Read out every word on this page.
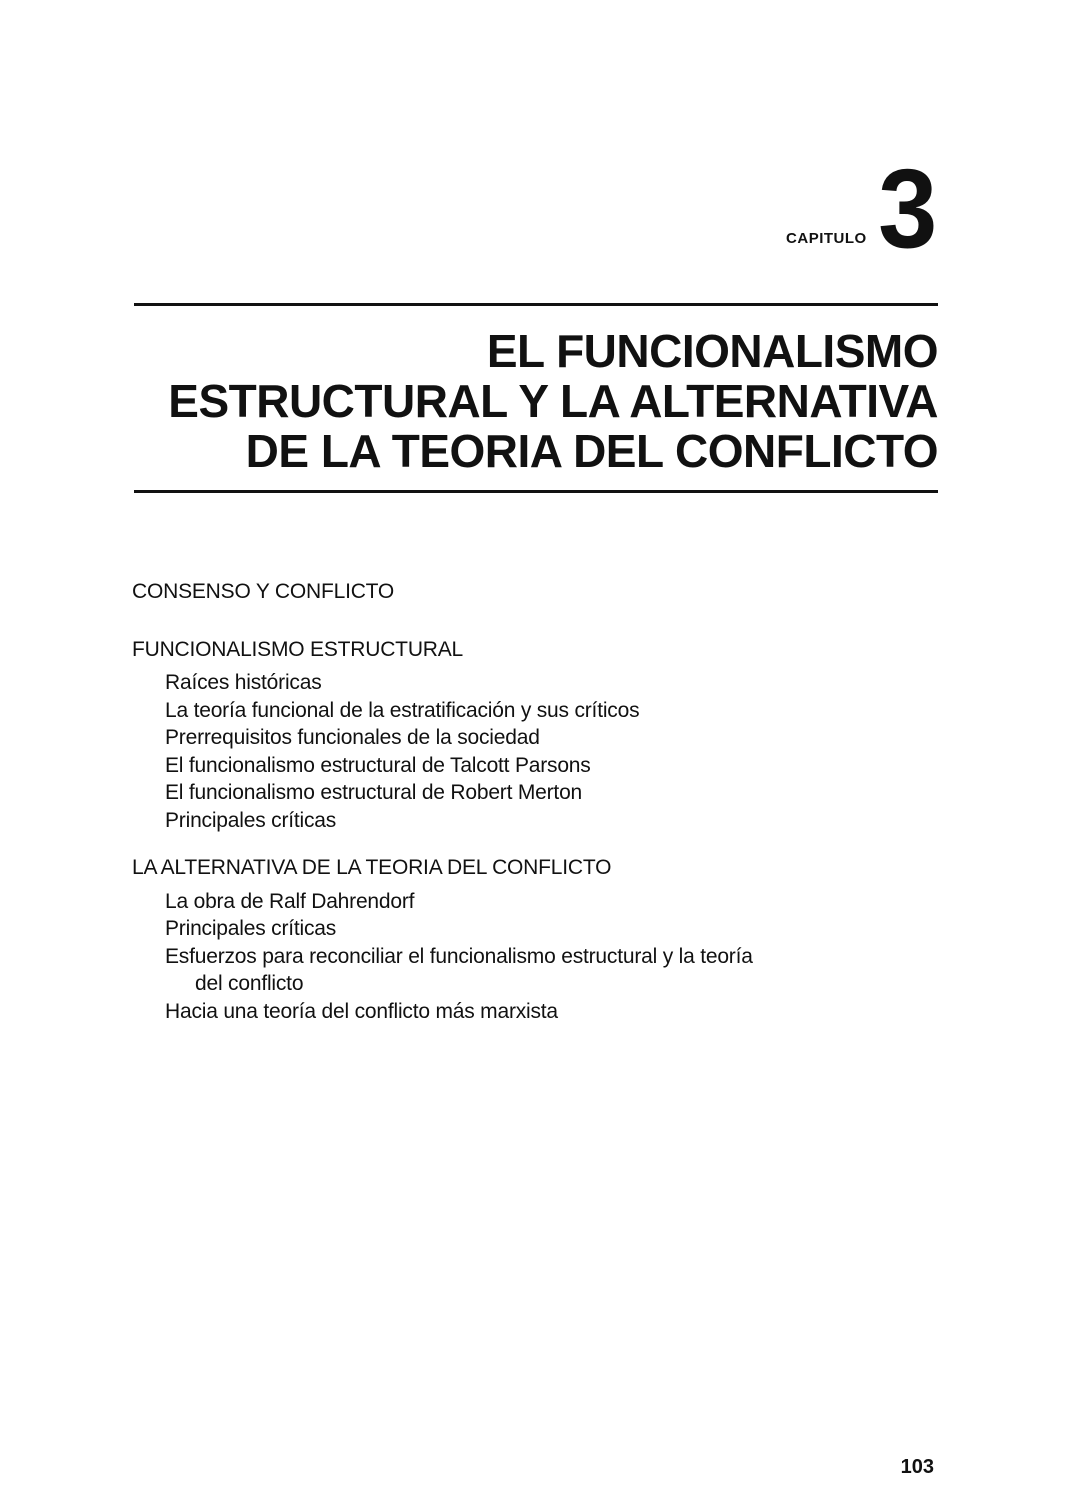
CAPITULO 3
EL FUNCIONALISMO
ESTRUCTURAL Y LA ALTERNATIVA
DE LA TEORIA DEL CONFLICTO
CONSENSO Y CONFLICTO
FUNCIONALISMO ESTRUCTURAL
Raíces históricas
La teoría funcional de la estratificación y sus críticos
Prerrequisitos funcionales de la sociedad
El funcionalismo estructural de Talcott Parsons
El funcionalismo estructural de Robert Merton
Principales críticas
LA ALTERNATIVA DE LA TEORIA DEL CONFLICTO
La obra de Ralf Dahrendorf
Principales críticas
Esfuerzos para reconciliar el funcionalismo estructural y la teoría
del conflicto
Hacia una teoría del conflicto más marxista
103
